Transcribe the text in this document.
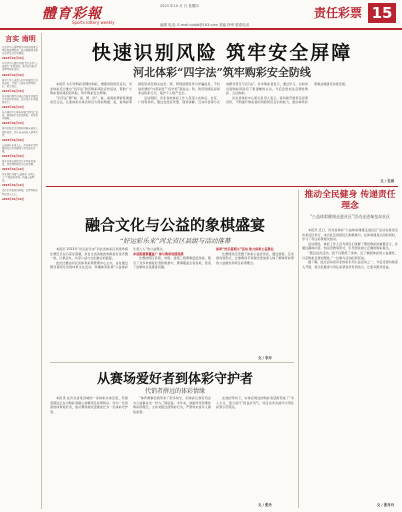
體育彩報
Sports lottery weekly
2023 年10 月 日 星期四
编辑 电话: E-mail:cpbjb@163.com 美编 终审 联系电话
责任彩票 15
言实 南明
从彩票中心管理层学习先进的发行理念和管理经验，致力构建河北体育彩票责任彩票建设。
2023年10月19日
与彩票中心组织开展“责任彩票·公益同行”系列活动，着力提升购彩者理性购彩意识。
2023年10月19日
体彩工作人员深入社区开展责任彩票宣传，引导广大购彩者理性购彩、量力而行。
2023年10月19日
河北体彩组织实体店代销者开展责任彩票知识培训，提升责任彩票服务水平。
2023年10月19日
各市体彩中心同步开展“四字法”宣传，帮助购彩者识别风险、筑牢安全屏障。
2023年10月19日
体彩志愿者走进校园开展未成年人保护宣传，禁止向未成年人销售彩票。
2023年10月19日
公益体彩乐善人人，河北体彩持续推进责任彩票建设工作常态化开展。
2023年10月19日
体彩实体店张贴责任彩票宣传海报，营造理性购彩的良好氛围。
2023年10月19日
河北体彩开展“公益体彩 乐善人人”主题宣传活动，传播公益理念。
2023年10月19日
责任彩票宣传进基层，让理性购彩理念深入人心。
2023年10月19日
快速识别风险 筑牢安全屏障
河北体彩“四字法”筑牢购彩安全防线

本报讯 为引导购彩者理性购彩，增强风险防范意识，河北体彩近日推出“四字法”防范购彩风险宣传活动，帮助广大购彩者快速识别风险，筑牢购彩安全屏障。

“四字法”即“看、查、辨、防”。看，看清彩票销售渠道是否合法，认准体彩实体店和官方授权渠道；查，查询彩票销售资质及相关信息；辨，辨别虚假宣传与诈骗信息，不轻信所谓的“内部消息”“包中奖”等说法；防，防范网络私彩和非法售彩行为，保护个人财产安全。

活动期间，河北各地体彩工作人员深入实体店、社区、广场等场所，通过发放宣传册、现场讲解、互动问答等方式向群众普及“四字法”。许多购彩者表示，通过学习，对如何识别购彩风险有了更清晰的认识，今后会更加注意理性购彩、合法购彩。

河北省体彩中心相关负责人表示，将持续开展责任彩票宣传，不断提升购彩者的风险防范意识和能力，推动体育彩票事业健康可持续发展。

文 / 孔雨
融合文化与公益的象棋盛宴
“好运彩乐来”河北省区县级与活动落幕

本报讯 2023年“好运彩乐来”河北省体彩区县级象棋比赛近日在石家庄落幕，来自全省各地的象棋爱好者齐聚一堂，以棋会友，共享公益与文化融合的盛宴。

此次比赛由河北省体育彩票管理中心主办，旨在通过群众喜闻乐见的体育文化活动，传播体育彩票“公益体彩 乐善人人”的公益理念。

多层级赛事覆盖广 参与购彩热情高涨

比赛按照区县级、市级、省级三级赛制层层选拔，吸引了众多象棋爱好者积极参与，赛事覆盖全省各地，营造了浓厚的全民健身氛围。

体彩“快乐星期天”活动 助力体彩公益事业

比赛现场还设置了体彩公益宣传区，通过展板、互动游戏等形式，让参赛选手和观众更加深入地了解体育彩票的公益属性和责任彩票理念。

文 / 李丹
从赛场爱好者到体彩守护者
代销者薛远的体彩情缘

本报讯 在河北省某县城的一家体彩实体店里，代销者薛远正在为购彩者耐心讲解责任彩票知识。作为一名资深的体育爱好者，他从赛场观众逐渐成长为一名体彩守护者。

“体育赛事给我带来了很多快乐，而体彩让我有机会为公益事业出一份力。”薛远说。多年来，他始终坚持理性购彩的理念，主动劝阻过度购彩行为，严禁向未成年人销售彩票。

在他的带动下，实体店周边的购彩者逐渐形成了“多人少买、量力而行”的良好风气，该店也多次被评为责任彩票示范网点。

文 / 张丹
推动全民健身 传递责任理念
“公益体彩健康走进社区”活动走进秦皇岛社区

本报讯 近日，河北省体彩“公益体彩健康走进社区”活动在秦皇岛市某社区举行，来自社区的居民们积极参与，在体验健身运动的同时，学习了责任彩票相关知识。

活动现场，体彩工作人员为居民们讲解了理性购彩的重要意义，并通过趣味问答、知识竞赛等形式，引导居民树立正确的购彩观念。

“通过这次活动，我不仅锻炼了身体，还了解到体彩的公益属性，以后购彩会更加理性。”一位参与活动的居民说。

据了解，此次活动是河北体彩系列公益活动之一，今后还将持续深入开展，将全民健身与责任彩票宣传有机结合，让更多群众受益。

文 / 张丹丹
